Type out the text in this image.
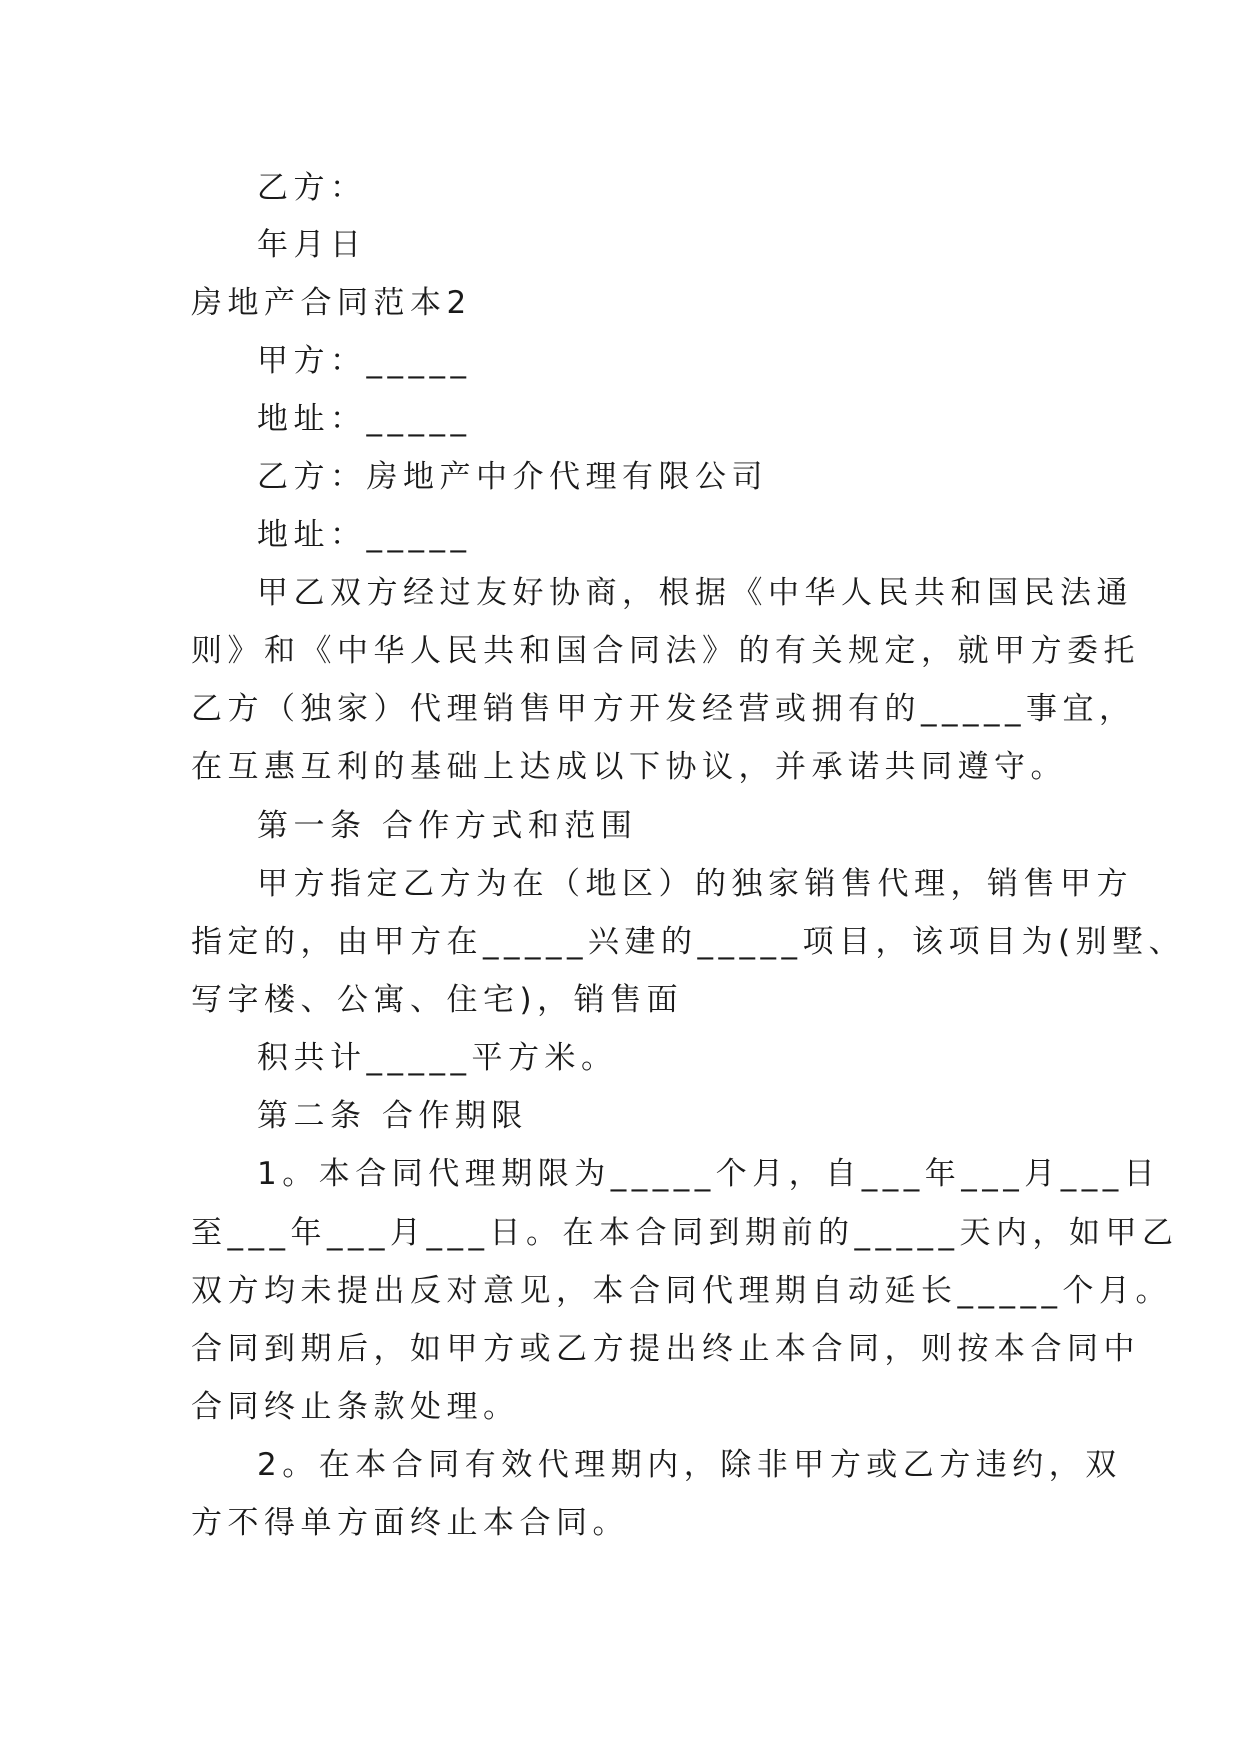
乙方：

年月日

房地产合同范本2

甲方：_____

地址：_____

乙方：房地产中介代理有限公司

地址：_____

甲乙双方经过友好协商，根据《中华人民共和国民法通

则》和《中华人民共和国合同法》的有关规定，就甲方委托

乙方（独家）代理销售甲方开发经营或拥有的_____事宜，

在互惠互利的基础上达成以下协议，并承诺共同遵守。

第一条 合作方式和范围

甲方指定乙方为在（地区）的独家销售代理，销售甲方

指定的，由甲方在_____兴建的_____项目，该项目为(别墅、

写字楼、公寓、住宅)，销售面

积共计_____平方米。

第二条 合作期限

1。本合同代理期限为_____个月，自___年___月___日

至___年___月___日。在本合同到期前的_____天内，如甲乙

双方均未提出反对意见，本合同代理期自动延长_____个月。

合同到期后，如甲方或乙方提出终止本合同，则按本合同中

合同终止条款处理。

2。在本合同有效代理期内，除非甲方或乙方违约，双

方不得单方面终止本合同。
